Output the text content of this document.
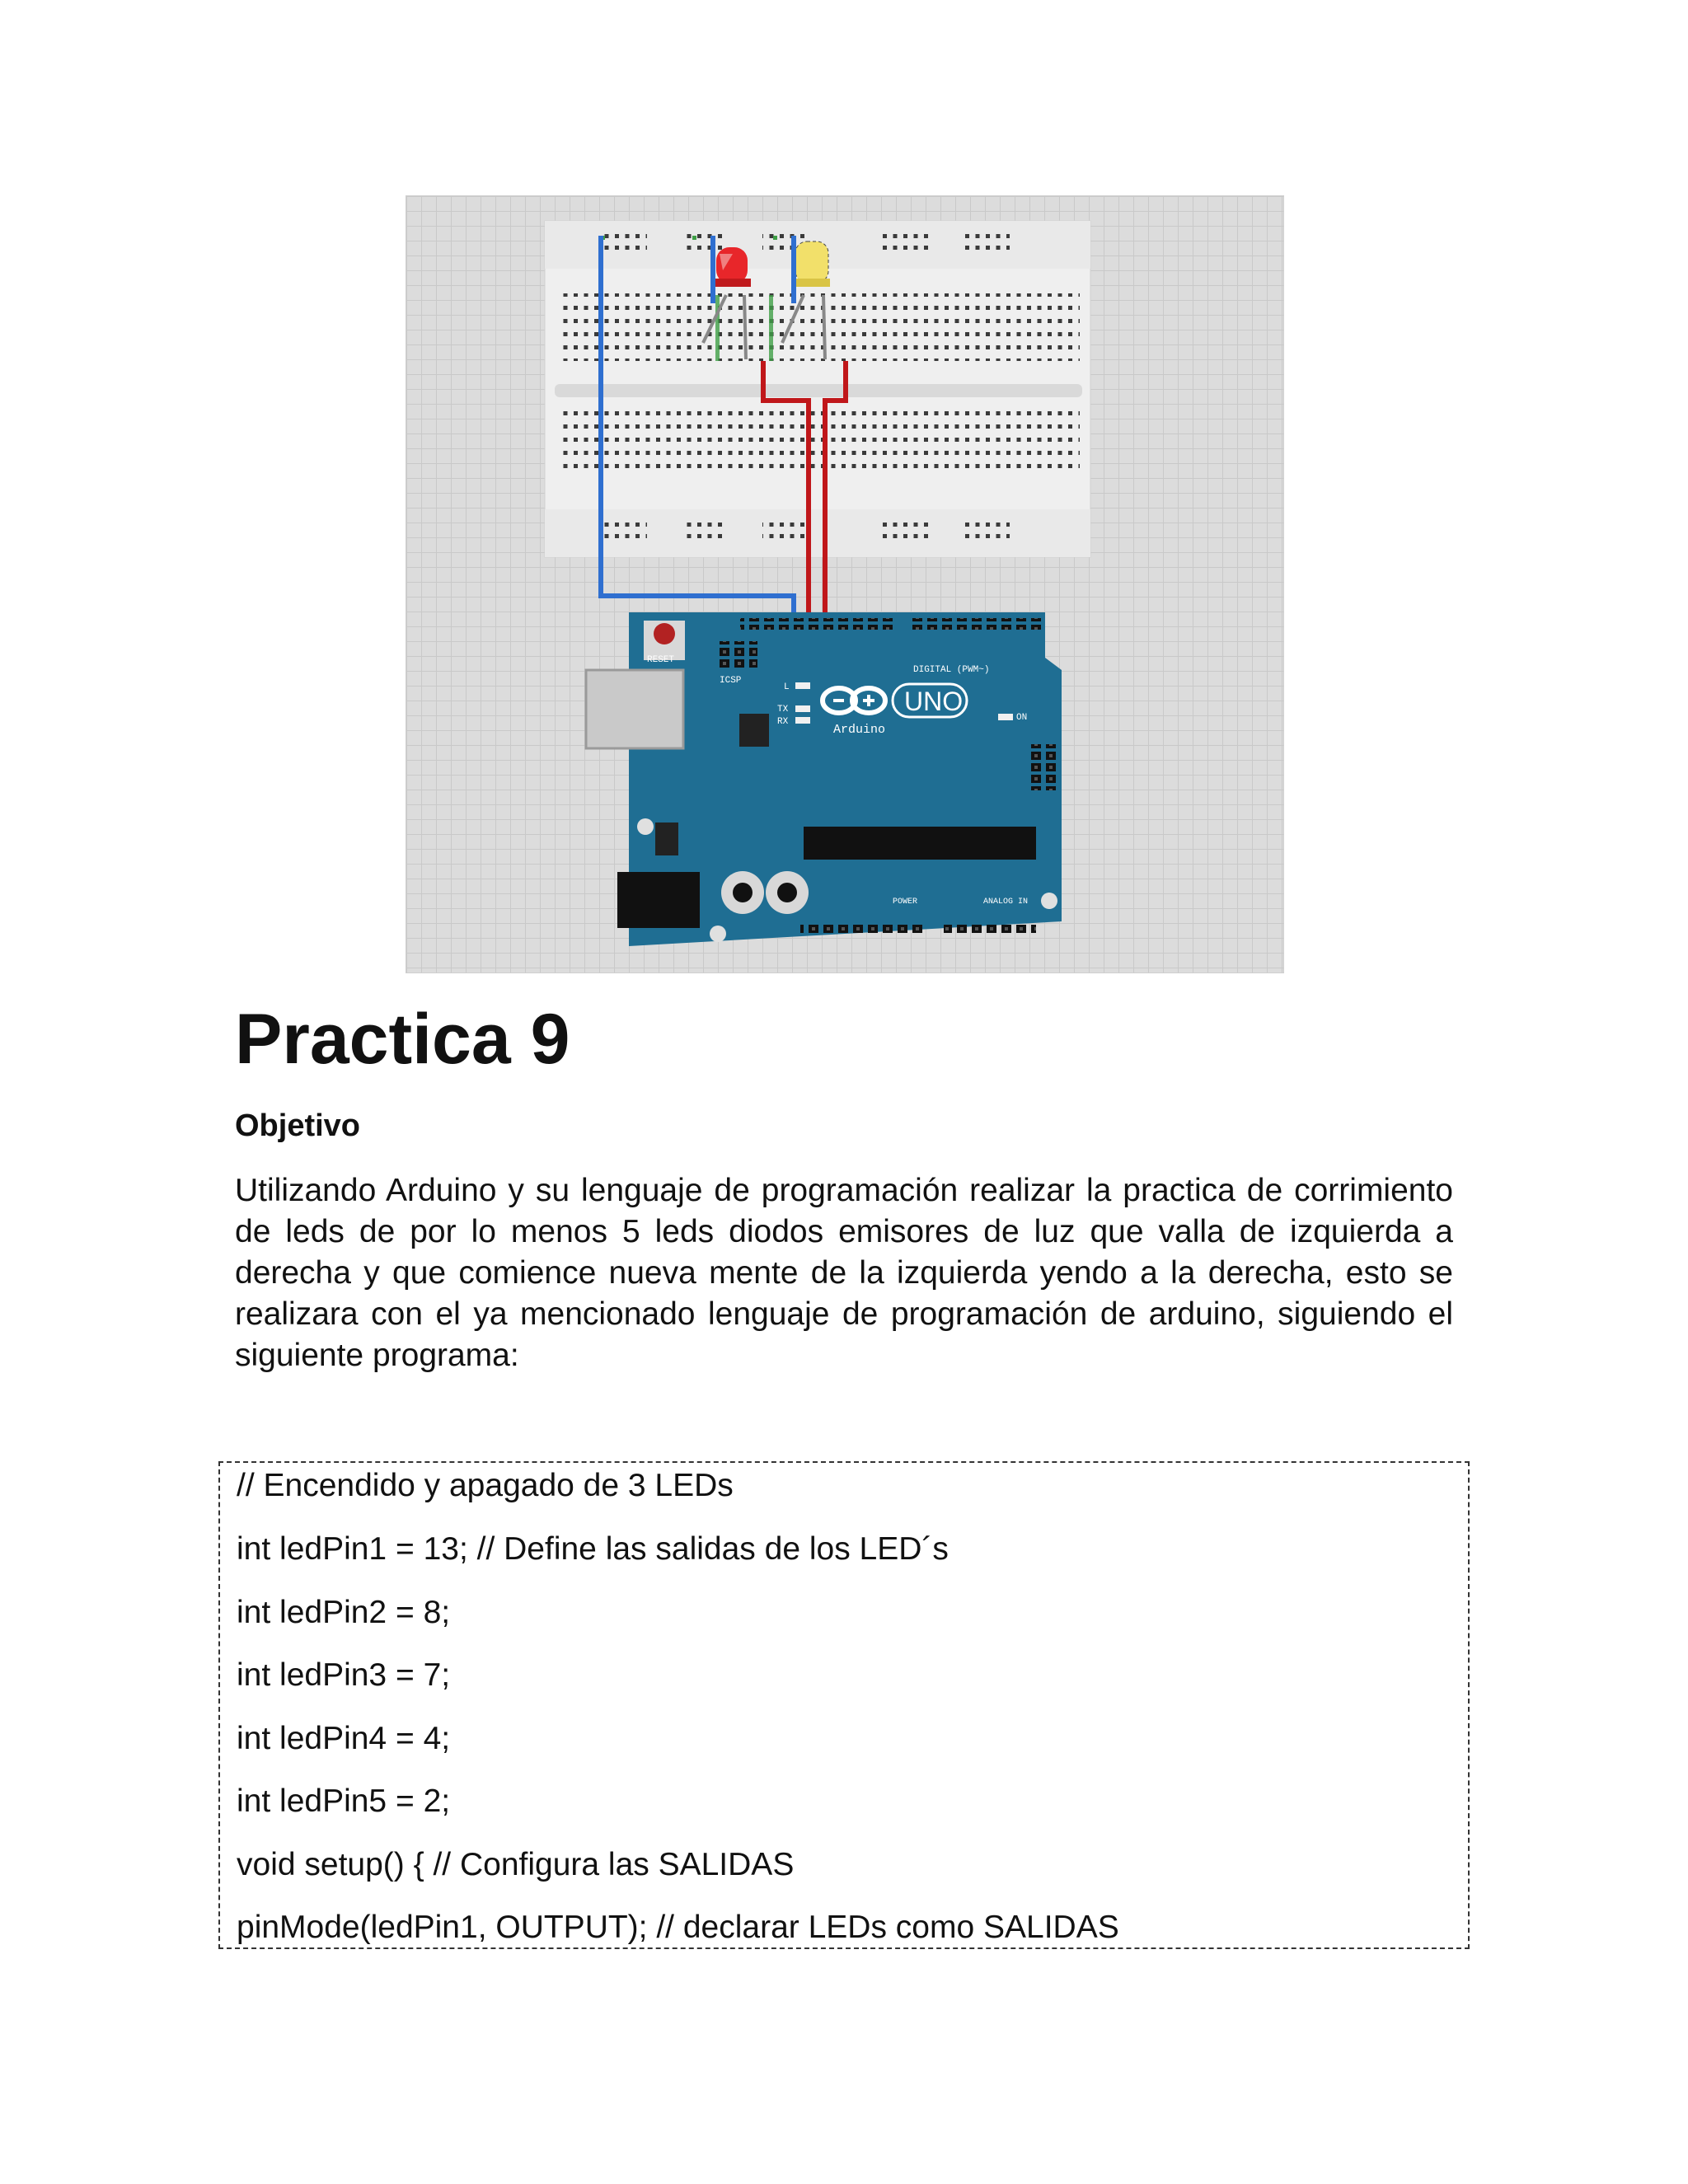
RESET
DIGITAL (PWM~)
ICSP
L
TX
RX	ON
UNO
Arduino
POWER	ANALOG IN
Practica 9
Objetivo

Utilizando Arduino y su lenguaje de programación realizar la practica de corrimiento de leds de por lo menos 5 leds diodos emisores de luz que valla de izquierda a derecha y que comience nueva mente de la izquierda yendo a la derecha, esto se realizara con el ya mencionado lenguaje de programación de arduino, siguiendo el siguiente programa:

// Encendido y apagado de 3 LEDs

int ledPin1 = 13; // Define las salidas de los LED´s

int ledPin2 = 8;

int ledPin3 = 7;

int ledPin4 = 4;

int ledPin5 = 2;

void setup() { // Configura las SALIDAS

pinMode(ledPin1, OUTPUT); // declarar LEDs como SALIDAS
